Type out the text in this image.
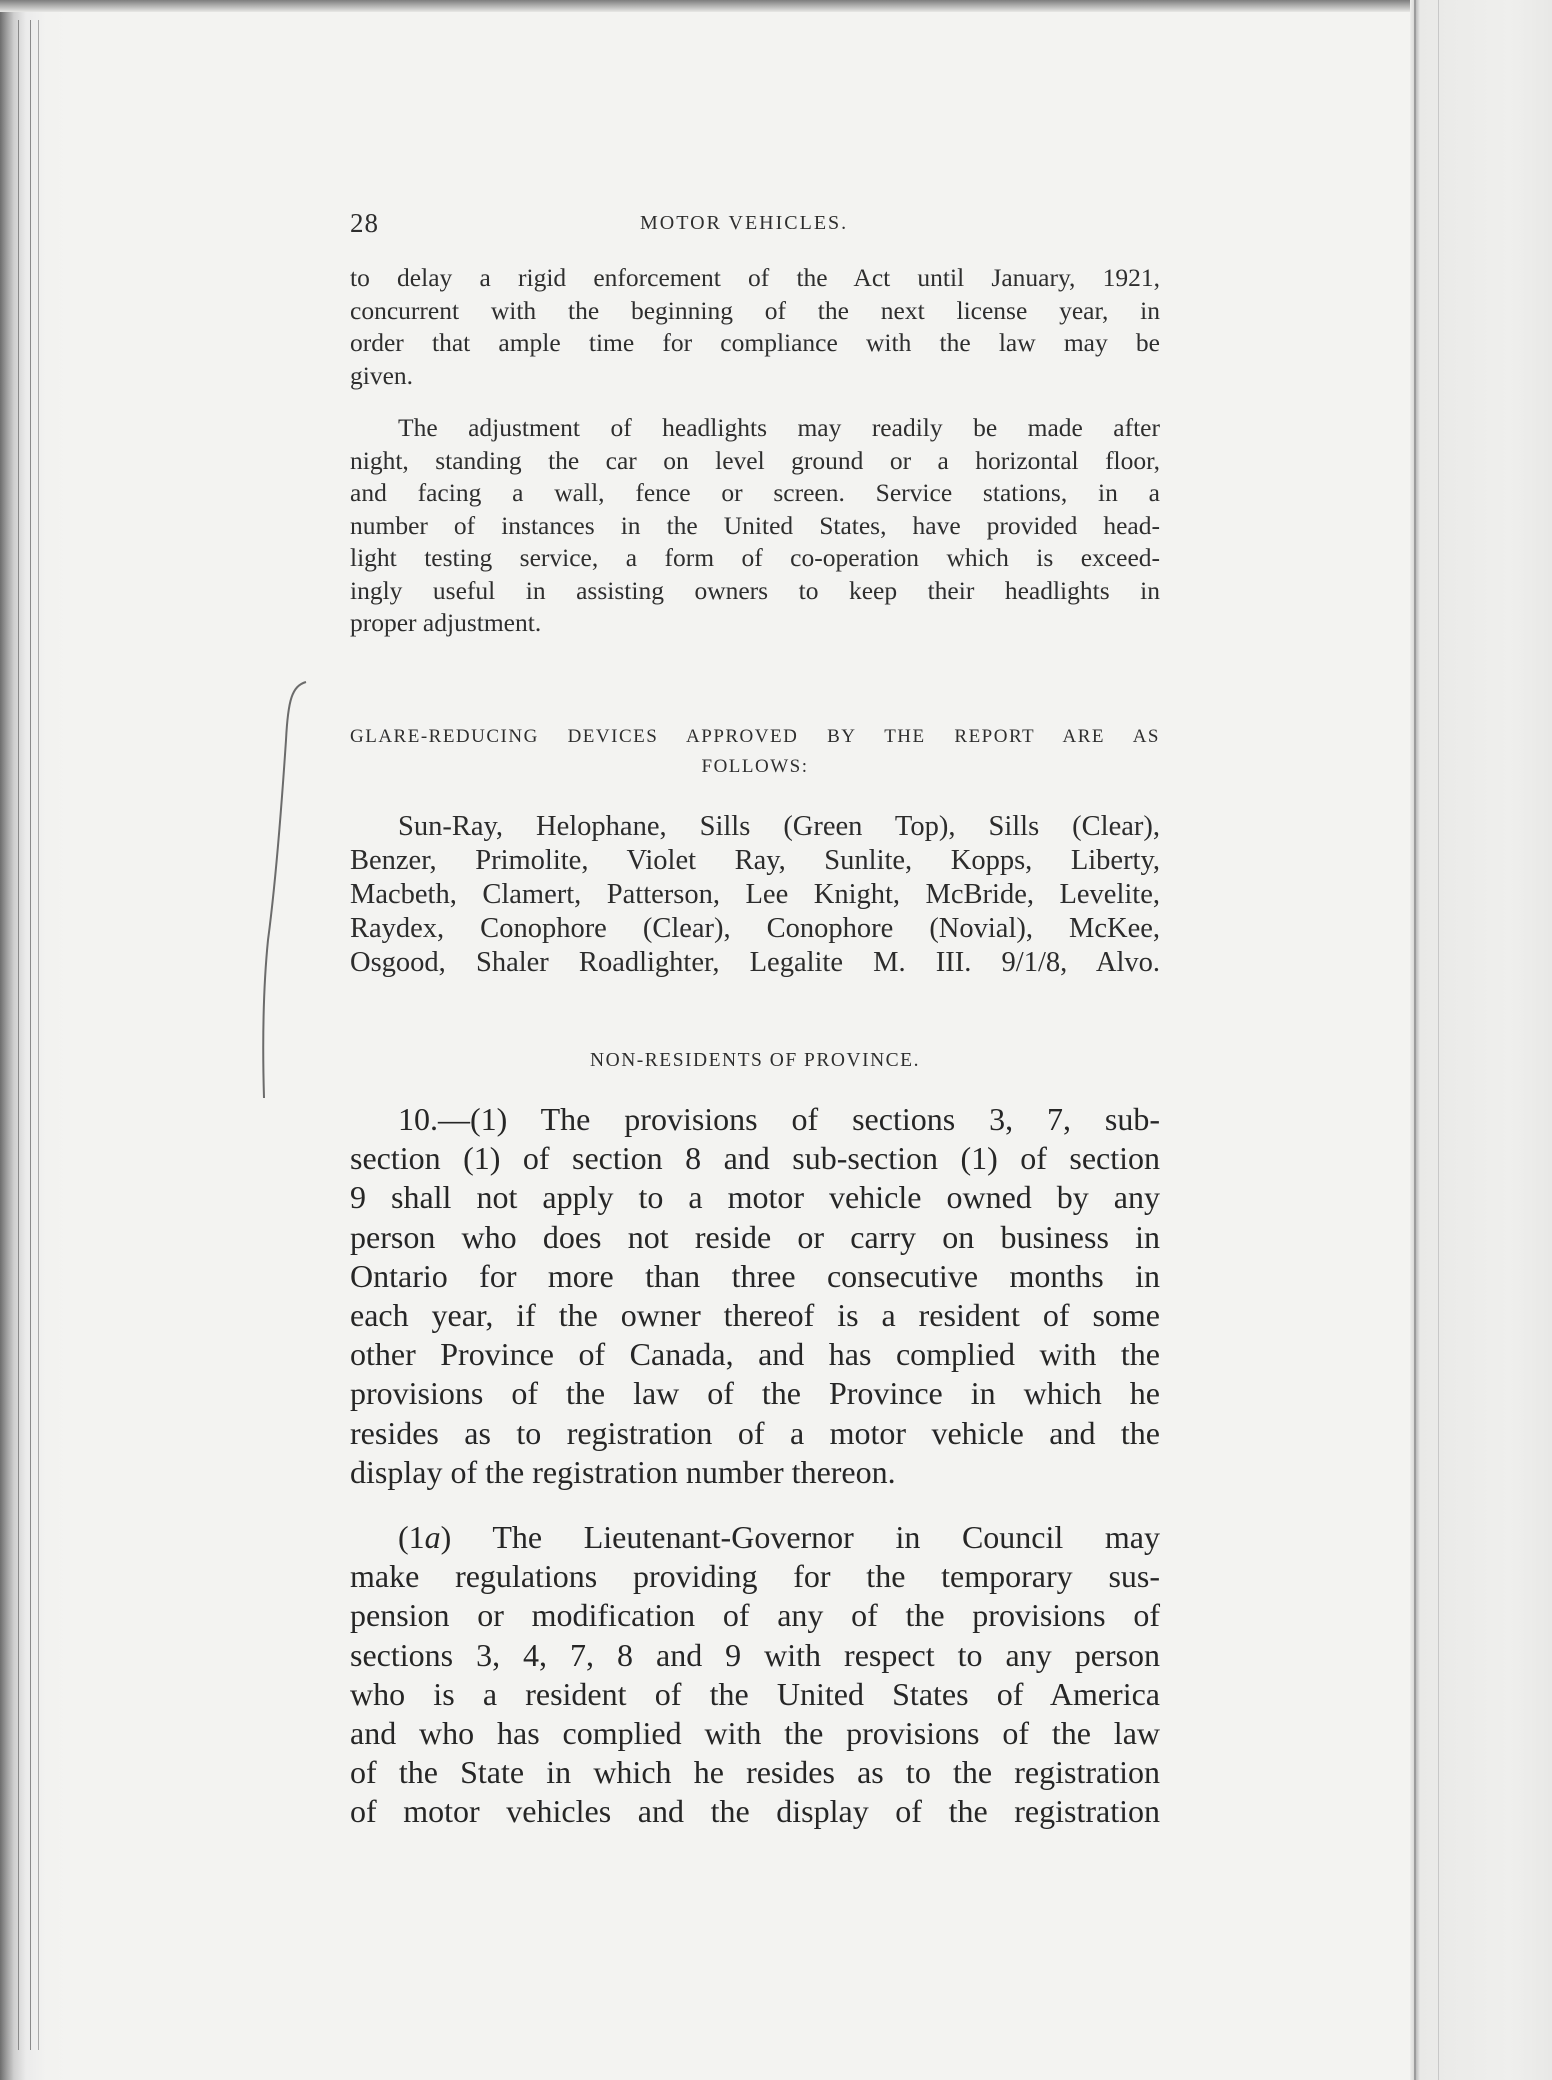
28	MOTOR VEHICLES.

to delay a rigid enforcement of the Act until January, 1921,
concurrent with the beginning of the next license year, in
order that ample time for compliance with the law may be
given.

The adjustment of headlights may readily be made after
night, standing the car on level ground or a horizontal floor,
and facing a wall, fence or screen. Service stations, in a
number of instances in the United States, have provided head-
light testing service, a form of co-operation which is exceed-
ingly useful in assisting owners to keep their headlights in
proper adjustment.

GLARE-REDUCING DEVICES APPROVED BY THE REPORT ARE AS
FOLLOWS:

Sun-Ray, Helophane, Sills (Green Top), Sills (Clear),
Benzer, Primolite, Violet Ray, Sunlite, Kopps, Liberty,
Macbeth, Clamert, Patterson, Lee Knight, McBride, Levelite,
Raydex, Conophore (Clear), Conophore (Novial), McKee,
Osgood, Shaler Roadlighter, Legalite M. III. 9/1/8, Alvo.

NON-RESIDENTS OF PROVINCE.

10.—(1) The provisions of sections 3, 7, sub-
section (1) of section 8 and sub-section (1) of section
9 shall not apply to a motor vehicle owned by any
person who does not reside or carry on business in
Ontario for more than three consecutive months in
each year, if the owner thereof is a resident of some
other Province of Canada, and has complied with the
provisions of the law of the Province in which he
resides as to registration of a motor vehicle and the
display of the registration number thereon.

(1a) The Lieutenant-Governor in Council may
make regulations providing for the temporary sus-
pension or modification of any of the provisions of
sections 3, 4, 7, 8 and 9 with respect to any person
who is a resident of the United States of America
and who has complied with the provisions of the law
of the State in which he resides as to the registration
of motor vehicles and the display of the registration
